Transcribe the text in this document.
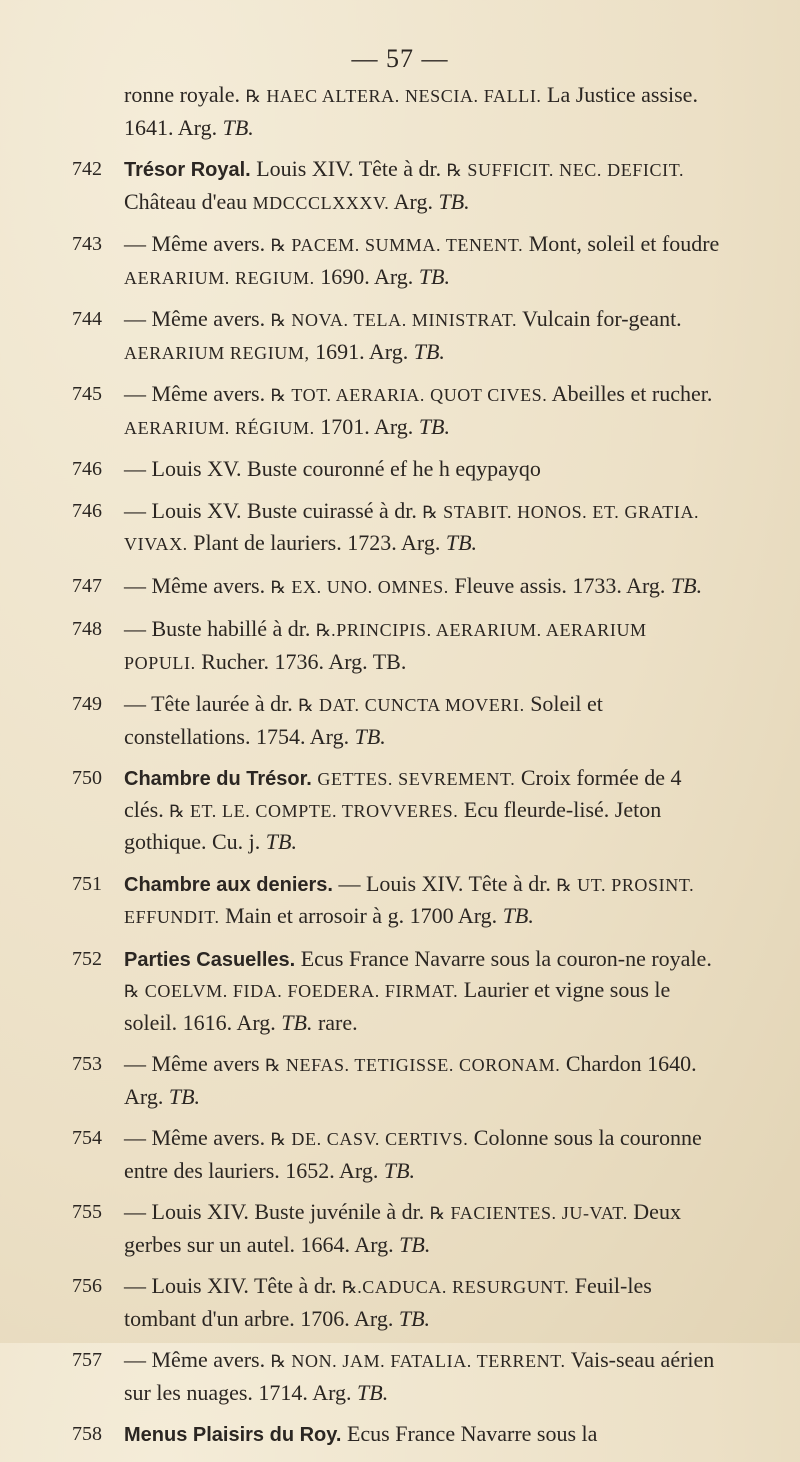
— 57 —
ronne royale. ℞ HAEC ALTERA. NESCIA. FALLI. La Justice assise. 1641. Arg. TB.
742	Trésor Royal. Louis XIV. Tête à dr. ℞ SUFFICIT. NEC. DEFICIT. Château d'eau MDCCCLXXXV. Arg. TB.
743	— Même avers. ℞ PACEM. SUMMA. TENENT. Mont, soleil et foudre AERARIUM. REGIUM. 1690. Arg. TB.
744	— Même avers. ℞ NOVA. TELA. MINISTRAT. Vulcain for-geant. AERARIUM REGIUM, 1691. Arg. TB.
745	— Même avers. ℞ TOT. AERARIA. QUOT CIVES. Abeilles et rucher. AERARIUM. RÉGIUM. 1701. Arg. TB.
746	— Louis XV. Buste couronné ef he h eqypayqo
746	— Louis XV. Buste cuirassé à dr. ℞ STABIT. HONOS. ET. GRATIA. VIVAX. Plant de lauriers. 1723. Arg. TB.
747	— Même avers. ℞ EX. UNO. OMNES. Fleuve assis. 1733. Arg. TB.
748	— Buste habillé à dr. ℞.PRINCIPIS. AERARIUM. AERARIUM POPULI. Rucher. 1736. Arg. TB.
749	— Tête laurée à dr. ℞ DAT. CUNCTA MOVERI. Soleil et constellations. 1754. Arg. TB.
750	Chambre du Trésor. GETTES. SEVREMENT. Croix formée de 4 clés. ℞ ET. LE. COMPTE. TROVVERES. Ecu fleurde-lisé. Jeton gothique. Cu. j. TB.
751	Chambre aux deniers. — Louis XIV. Tête à dr. ℞ UT. PROSINT. EFFUNDIT. Main et arrosoir à g. 1700 Arg. TB.
752	Parties Casuelles. Ecus France Navarre sous la couron-ne royale. ℞ COELVM. FIDA. FOEDERA. FIRMAT. Laurier et vigne sous le soleil. 1616. Arg. TB. rare.
753	— Même avers ℞ NEFAS. TETIGISSE. CORONAM. Chardon 1640. Arg. TB.
754	— Même avers. ℞ DE. CASV. CERTIVS. Colonne sous la couronne entre des lauriers. 1652. Arg. TB.
755	— Louis XIV. Buste juvénile à dr. ℞ FACIENTES. JU-VAT. Deux gerbes sur un autel. 1664. Arg. TB.
756	— Louis XIV. Tête à dr. ℞.CADUCA. RESURGUNT. Feuil-les tombant d'un arbre. 1706. Arg. TB.
757	— Même avers. ℞ NON. JAM. FATALIA. TERRENT. Vais-seau aérien sur les nuages. 1714. Arg. TB.
758	Menus Plaisirs du Roy. Ecus France Navarre sous la
